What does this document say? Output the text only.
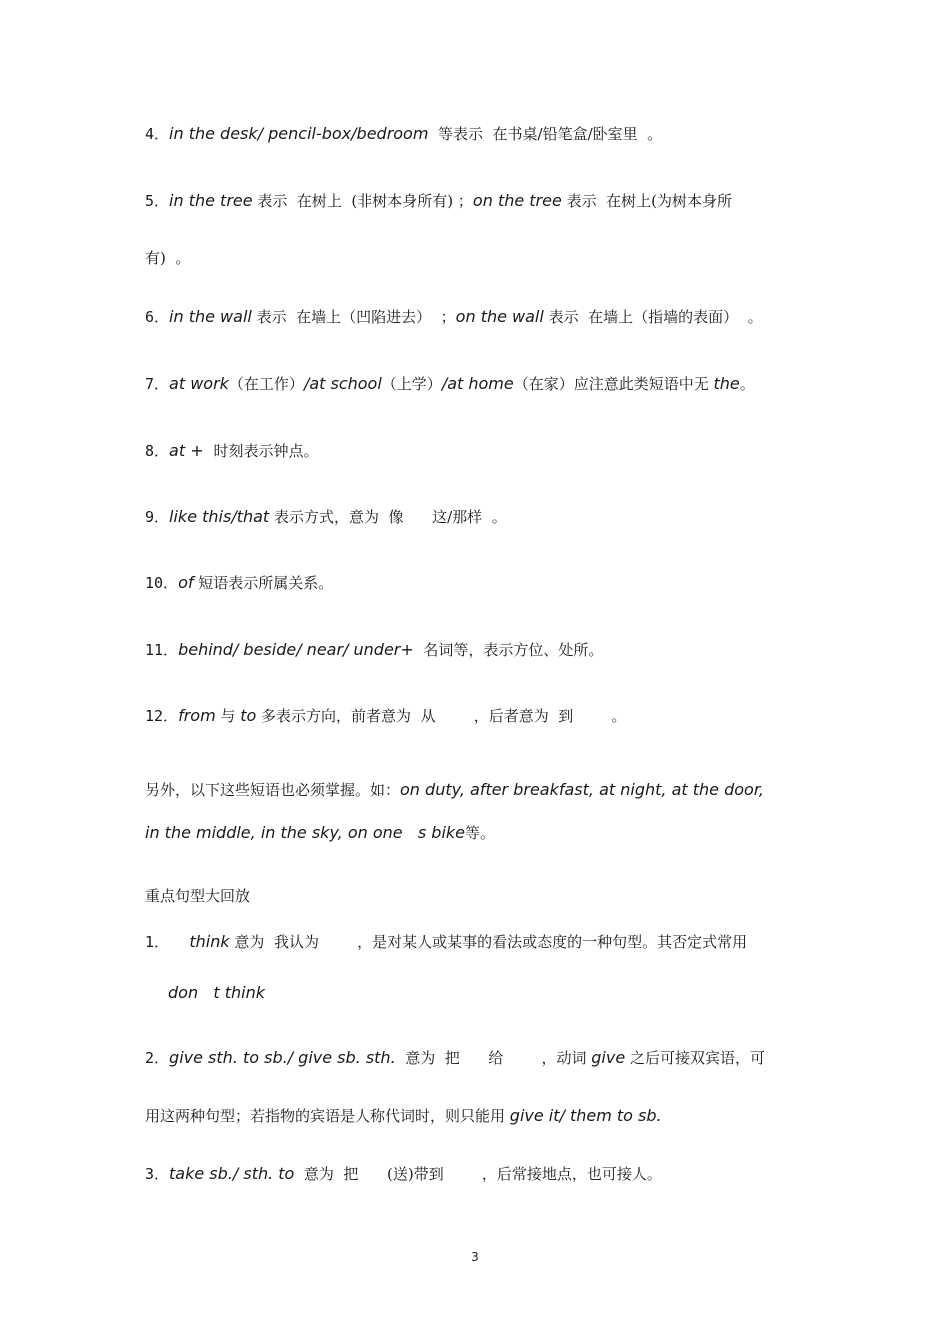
4．in the desk/ pencil-box/bedroom  等表示  在书桌/铅笔盒/卧室里  。
5．in the tree 表示  在树上  (非树本身所有) ；on the tree 表示  在树上(为树本身所
有)  。
6．in the wall 表示  在墙上（凹陷进去）  ；on the wall 表示  在墙上（指墙的表面）  。
7．at work（在工作）/at school（上学）/at home（在家）应注意此类短语中无 the。
8．at +  时刻表示钟点。
9．like this/that 表示方式，意为  像      这/那样  。
10．of 短语表示所属关系。
11．behind/ beside/ near/ under+  名词等，表示方位、处所。
12．from 与 to 多表示方向，前者意为  从        ，后者意为  到        。
另外，以下这些短语也必须掌握。如：on duty, after breakfast, at night, at the door,
in the middle, in the sky, on one   s bike等。
重点句型大回放
1．    think 意为  我认为        ，是对某人或某事的看法或态度的一种句型。其否定式常用
don   t think
2．give sth. to sb./ give sb. sth.  意为  把      给        ，动词 give 之后可接双宾语，可
用这两种句型；若指物的宾语是人称代词时，则只能用 give it/ them to sb.
3．take sb./ sth. to  意为  把      (送)带到        ，后常接地点，也可接人。
3
